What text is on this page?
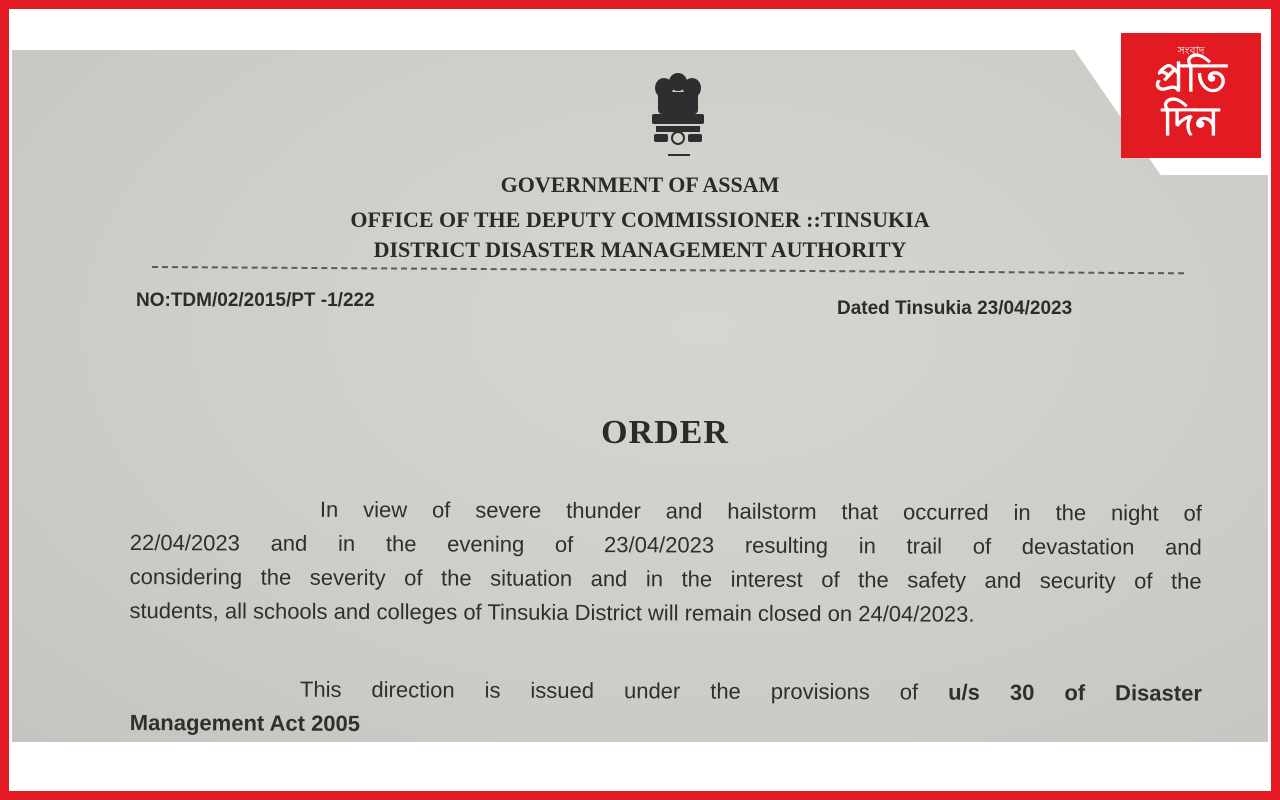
GOVERNMENT OF ASSAM
OFFICE OF THE DEPUTY COMMISSIONER ::TINSUKIA
DISTRICT DISASTER MANAGEMENT AUTHORITY
NO:TDM/02/2015/PT -1/222	Dated Tinsukia 23/04/2023
ORDER
In view of severe thunder and hailstorm that occurred in the night of
22/04/2023 and in the evening of 23/04/2023 resulting in trail of devastation and
considering the severity of the situation and in the interest of the safety and security of the
students, all schools and colleges of Tinsukia District will remain closed on 24/04/2023.
This direction is issued under the provisions of u/s 30 of Disaster
Management Act 2005
সংবাদ
প্রতি
দিন
